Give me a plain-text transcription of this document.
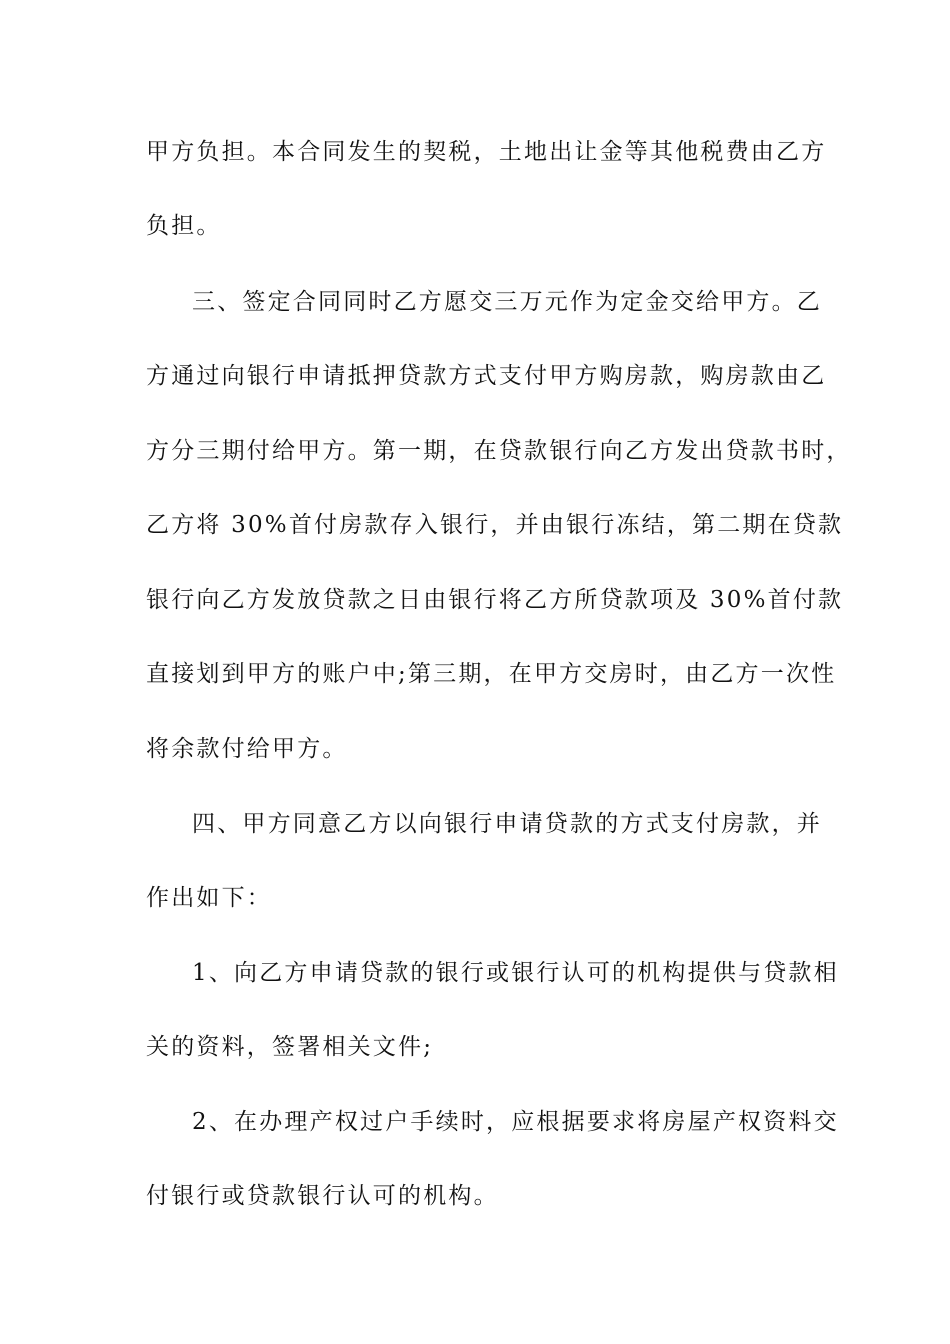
甲方负担。本合同发生的契税，土地出让金等其他税费由乙方
负担。
三、签定合同同时乙方愿交三万元作为定金交给甲方。乙
方通过向银行申请抵押贷款方式支付甲方购房款，购房款由乙
方分三期付给甲方。第一期，在贷款银行向乙方发出贷款书时，
乙方将 30%首付房款存入银行，并由银行冻结，第二期在贷款
银行向乙方发放贷款之日由银行将乙方所贷款项及 30%首付款
直接划到甲方的账户中;第三期，在甲方交房时，由乙方一次性
将余款付给甲方。
四、甲方同意乙方以向银行申请贷款的方式支付房款，并
作出如下：
1、向乙方申请贷款的银行或银行认可的机构提供与贷款相
关的资料，签署相关文件;
2、在办理产权过户手续时，应根据要求将房屋产权资料交
付银行或贷款银行认可的机构。
